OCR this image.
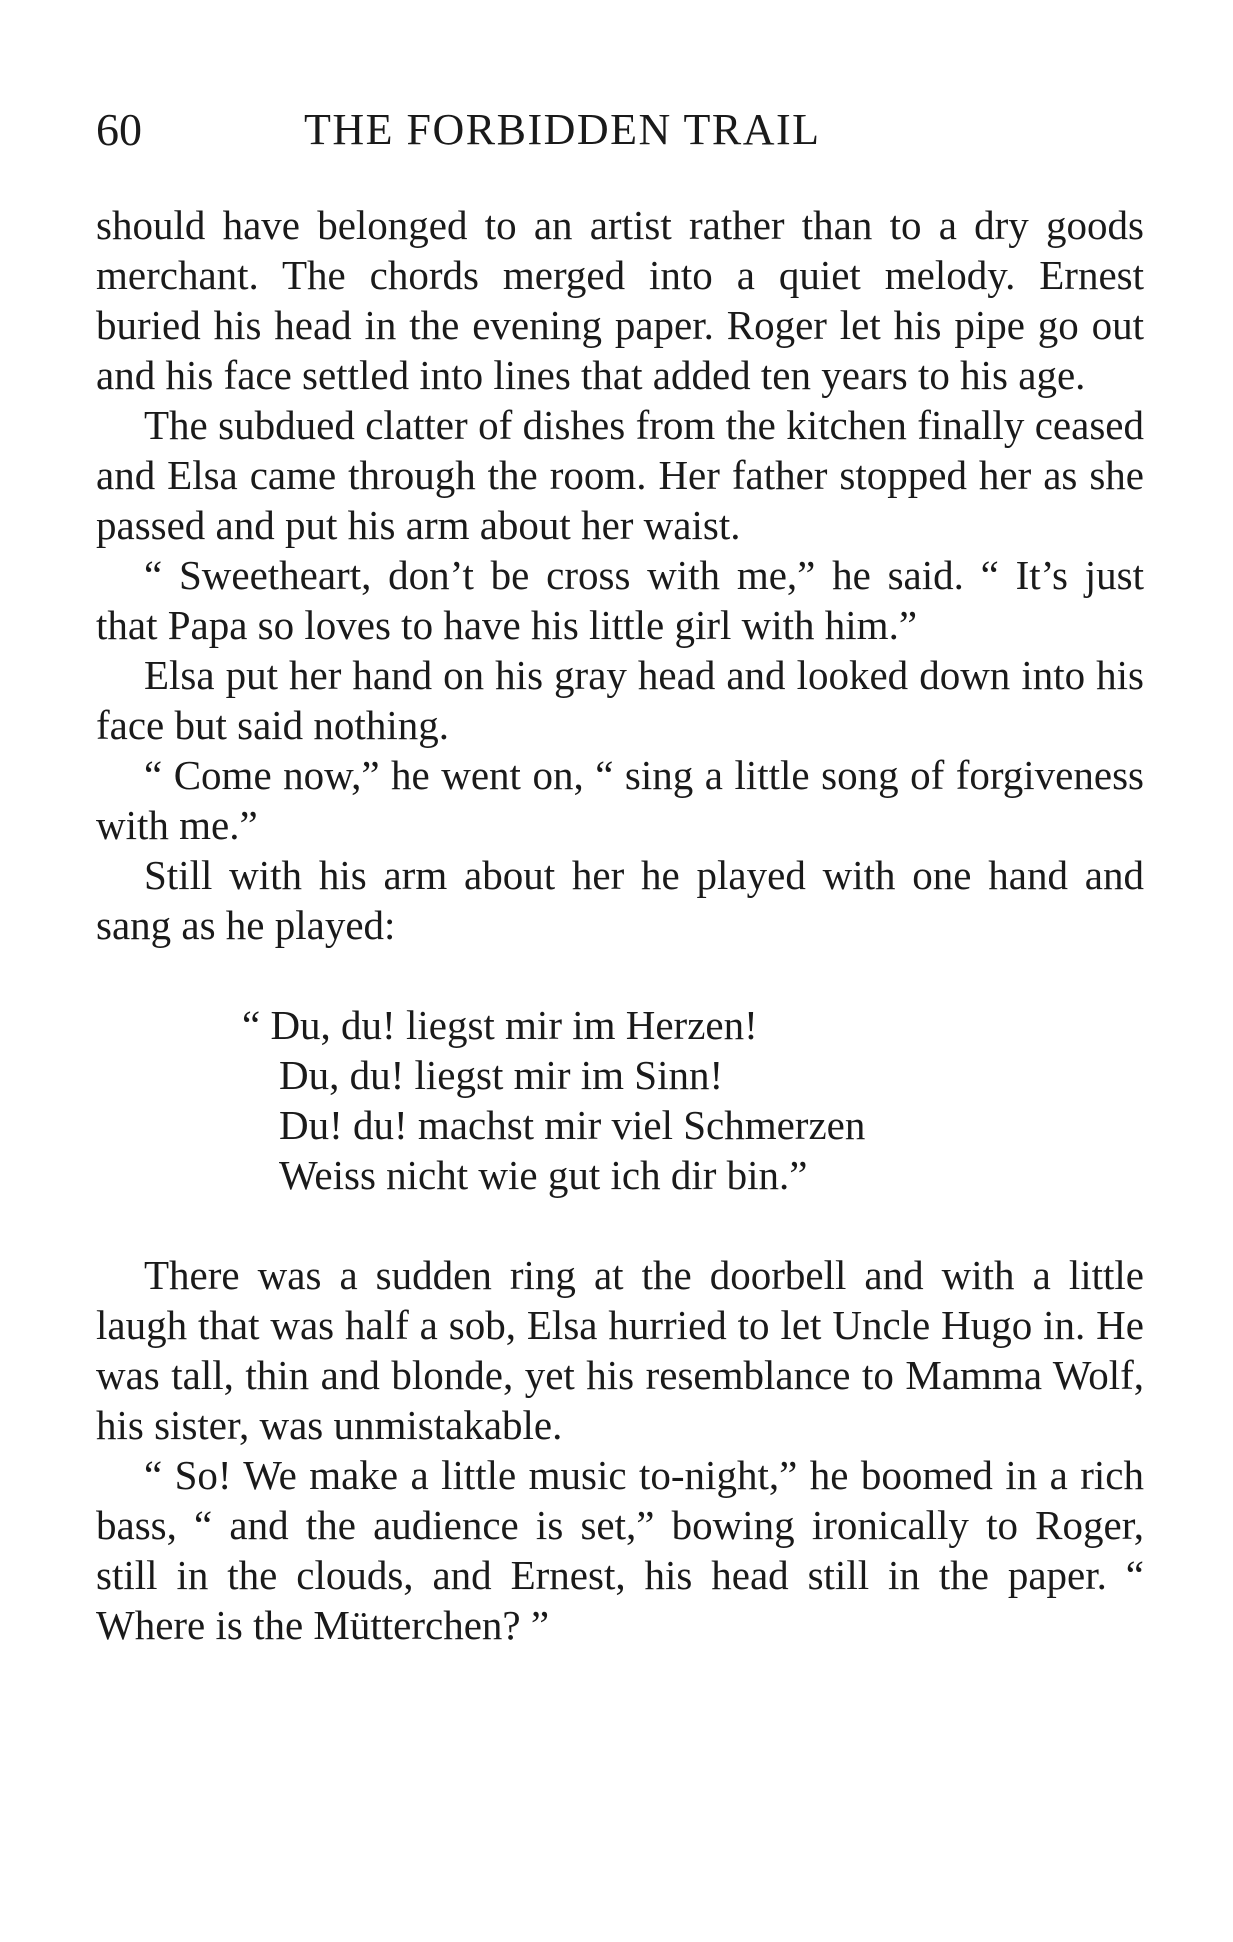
60	THE FORBIDDEN TRAIL

should have belonged to an artist rather than to a dry goods merchant. The chords merged into a quiet melody. Ernest buried his head in the evening paper. Roger let his pipe go out and his face settled into lines that added ten years to his age.

The subdued clatter of dishes from the kitchen finally ceased and Elsa came through the room. Her father stopped her as she passed and put his arm about her waist.

“ Sweetheart, don’t be cross with me,” he said. “ It’s just that Papa so loves to have his little girl with him.”

Elsa put her hand on his gray head and looked down into his face but said nothing.

“ Come now,” he went on, “ sing a little song of forgiveness with me.”

Still with his arm about her he played with one hand and sang as he played:

“ Du, du! liegst mir im Herzen!
Du, du! liegst mir im Sinn!
Du! du! machst mir viel Schmerzen
Weiss nicht wie gut ich dir bin.”

There was a sudden ring at the doorbell and with a little laugh that was half a sob, Elsa hurried to let Uncle Hugo in. He was tall, thin and blonde, yet his resemblance to Mamma Wolf, his sister, was unmistakable.

“ So! We make a little music to-night,” he boomed in a rich bass, “ and the audience is set,” bowing ironically to Roger, still in the clouds, and Ernest, his head still in the paper. “ Where is the Mütterchen? ”
